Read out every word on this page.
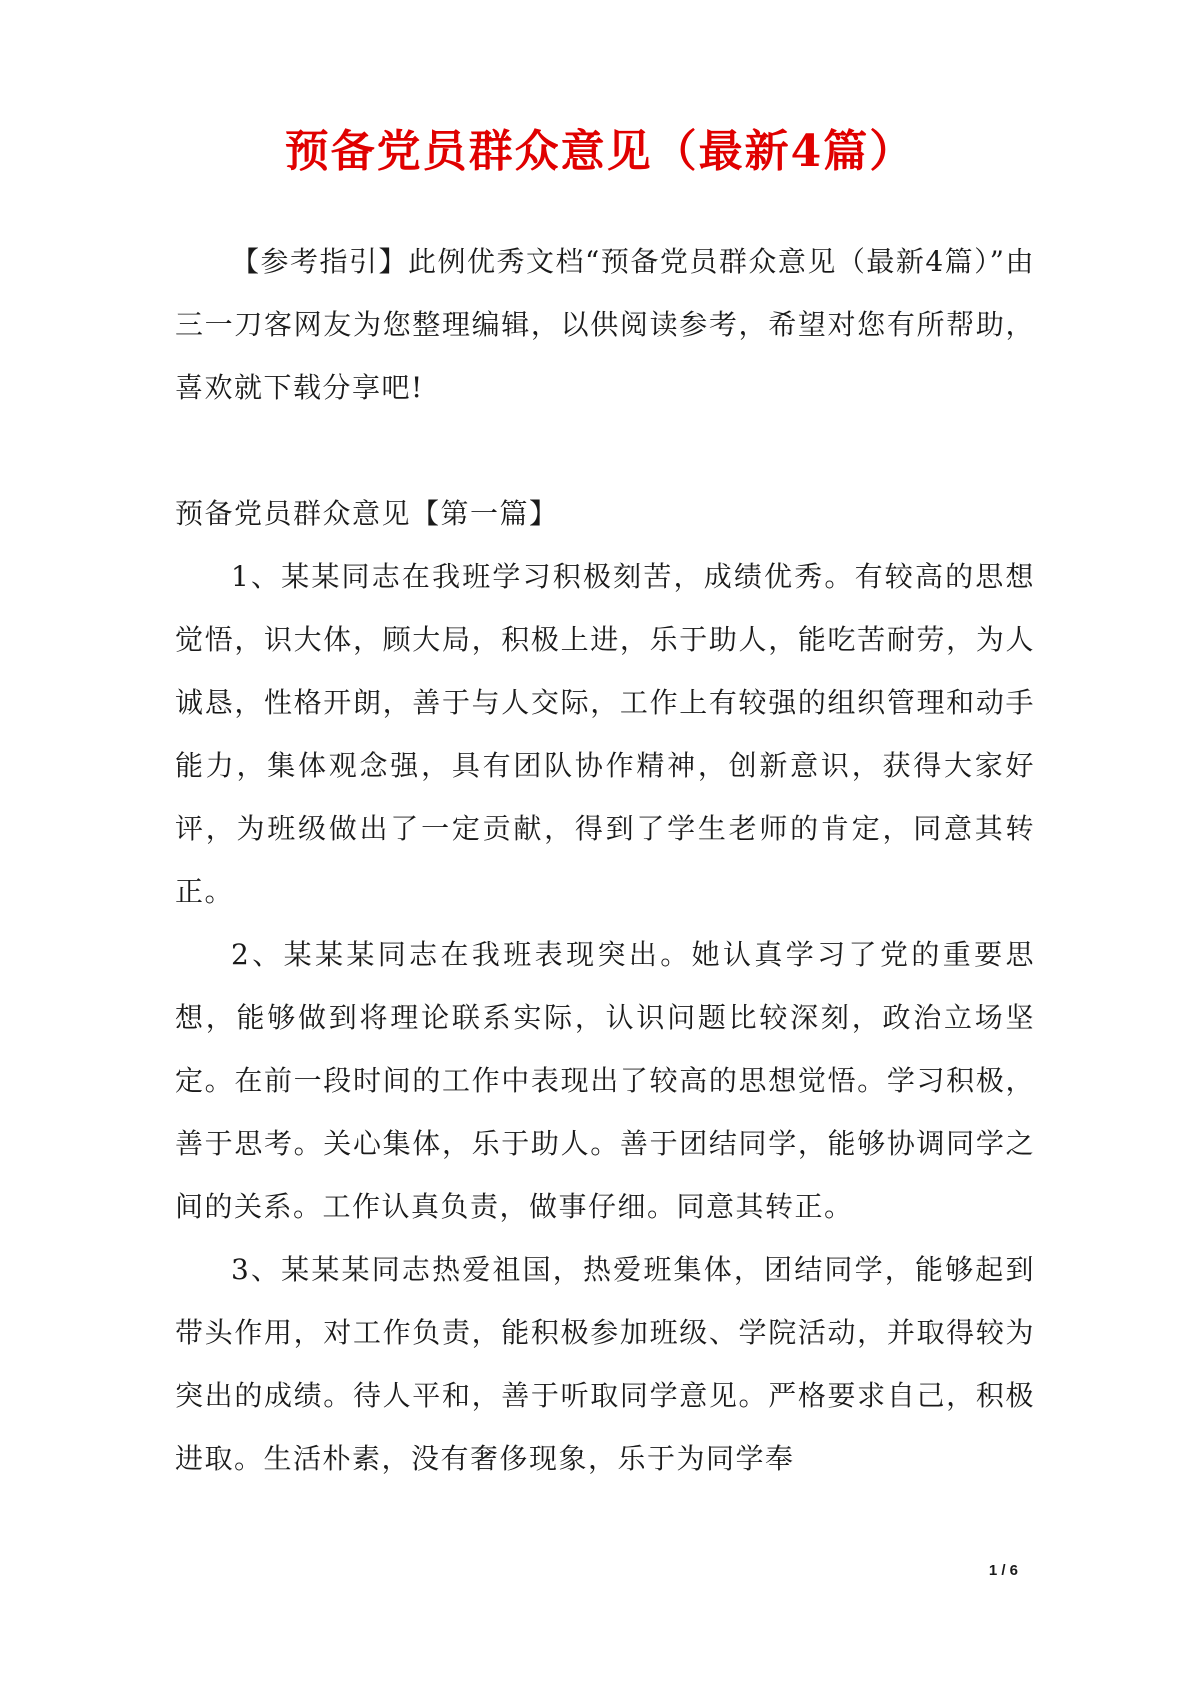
预备党员群众意见（最新4篇）

【参考指引】此例优秀文档“预备党员群众意见（最新4篇）”由三一刀客网友为您整理编辑，以供阅读参考，希望对您有所帮助，喜欢就下载分享吧!

预备党员群众意见【第一篇】

1、某某同志在我班学习积极刻苦，成绩优秀。有较高的思想觉悟，识大体，顾大局，积极上进，乐于助人，能吃苦耐劳，为人诚恳，性格开朗，善于与人交际，工作上有较强的组织管理和动手能力，集体观念强，具有团队协作精神，创新意识，获得大家好评，为班级做出了一定贡献，得到了学生老师的肯定，同意其转正。

2、某某某同志在我班表现突出。她认真学习了党的重要思想，能够做到将理论联系实际，认识问题比较深刻，政治立场坚定。在前一段时间的工作中表现出了较高的思想觉悟。学习积极，善于思考。关心集体，乐于助人。善于团结同学，能够协调同学之间的关系。工作认真负责，做事仔细。同意其转正。

3、某某某同志热爱祖国，热爱班集体，团结同学，能够起到带头作用，对工作负责，能积极参加班级、学院活动，并取得较为突出的成绩。待人平和，善于听取同学意见。严格要求自己，积极进取。生活朴素，没有奢侈现象，乐于为同学奉

1 / 6
